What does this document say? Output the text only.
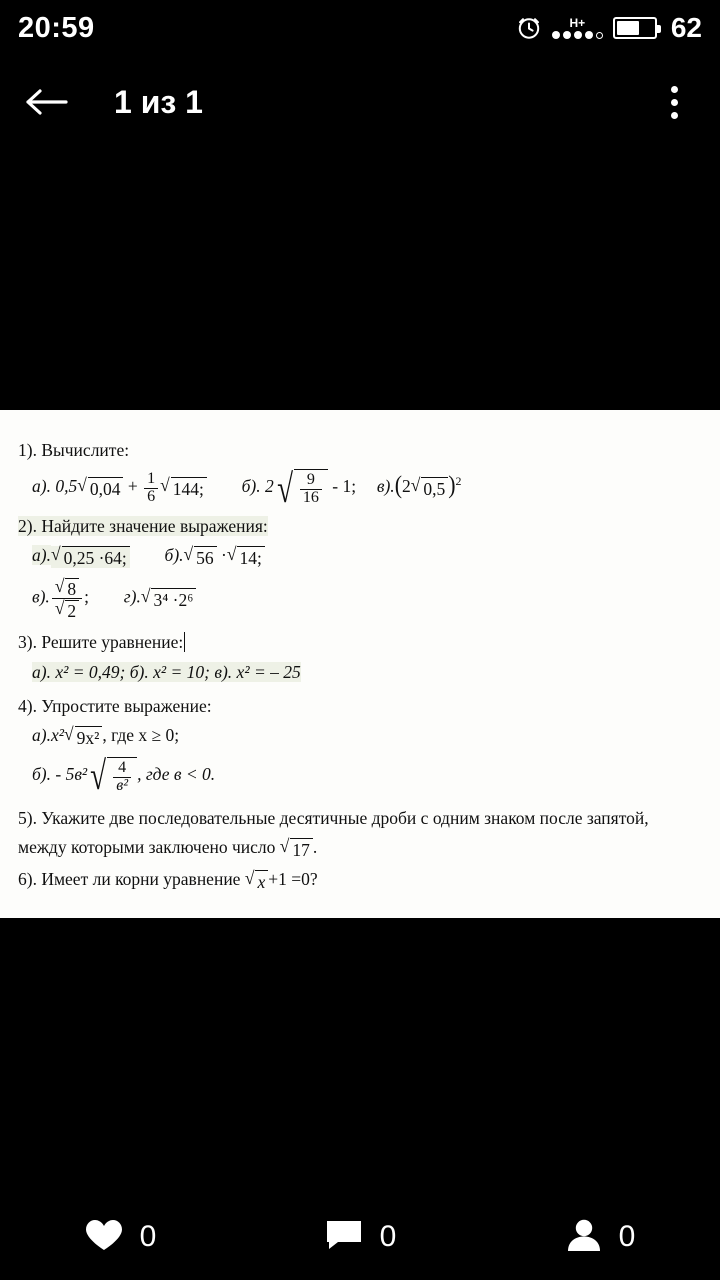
20:59	H+	62
1 из 1

1). Вычислите:

а). 0,5 √ $0,04 + \frac{1}{6}$ √ 144; б). 2 √ $\frac{9}{16} - 1$; в).(2 √ 0,5 )$^2$

2). Найдите значение выражения:

а). √ 0,25 ·64; б). √ 56 · √ 14;

в). $\frac{√ 8}{√ 2}$ ; г). √ 3⁴ ·2⁶

3). Решите уравнение:

а). х² = 0,49; б). х² = 10; в). х² = – 25

4). Упростите выражение:

а).х² √ 9х² , где х ≥ 0;

б). - 5в² √ $\frac{4}{\text{в²}}$ , где в < 0.

5). Укажите две последовательные десятичные дроби с одним знаком после запятой,

между которыми заключено число √ 17 .

6). Имеет ли корни уравнение √ х +1 =0?

0	0	0
